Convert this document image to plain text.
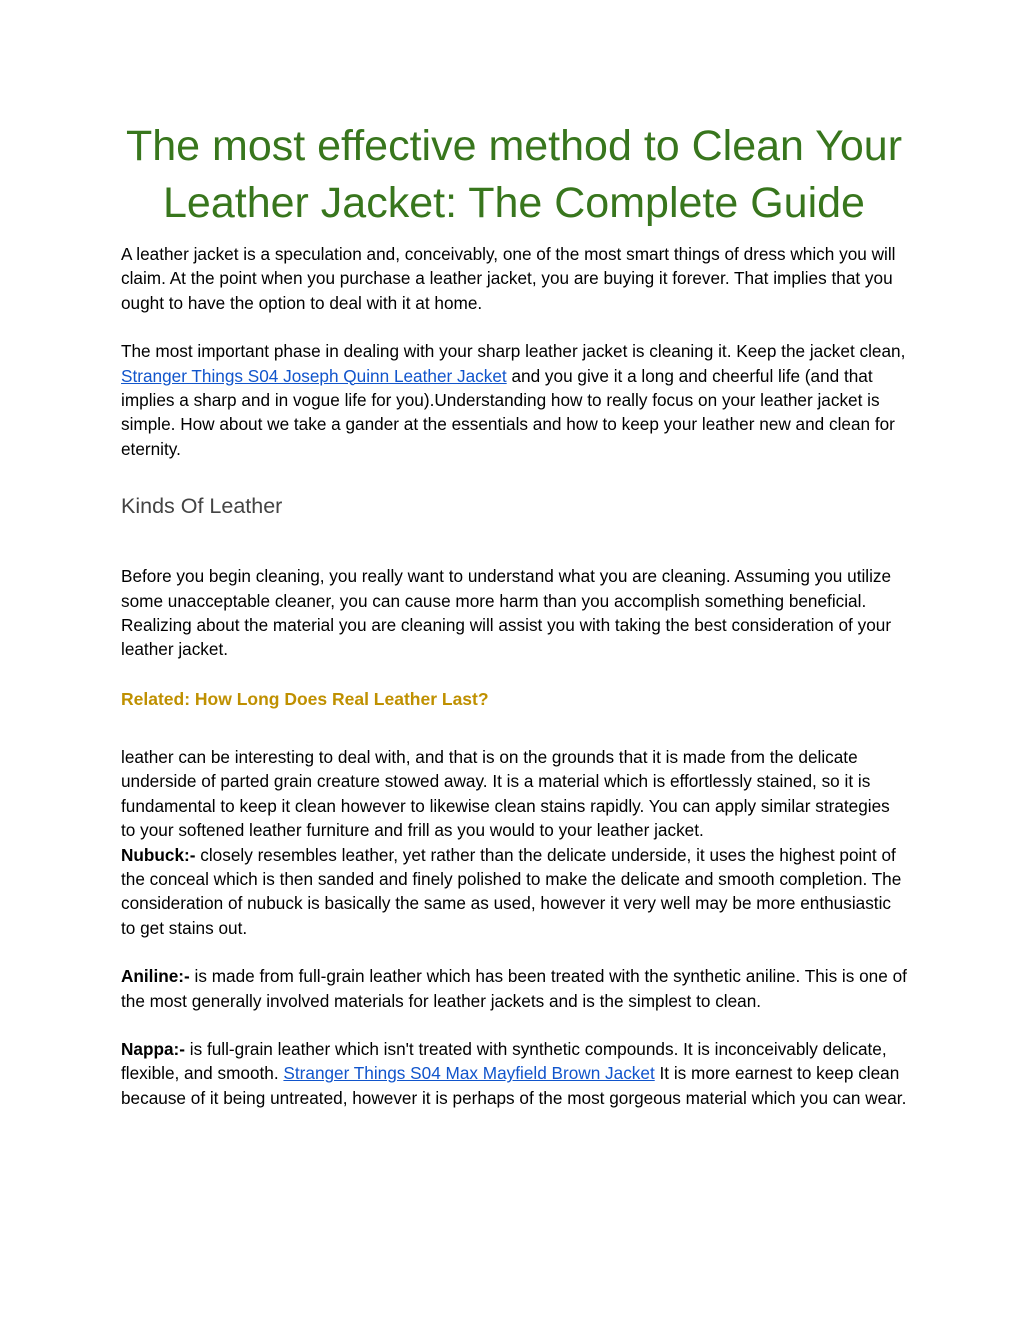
The most effective method to Clean Your Leather Jacket: The Complete Guide

A leather jacket is a speculation and, conceivably, one of the most smart things of dress which you will claim. At the point when you purchase a leather jacket, you are buying it forever. That implies that you ought to have the option to deal with it at home.

The most important phase in dealing with your sharp leather jacket is cleaning it. Keep the jacket clean, Stranger Things S04 Joseph Quinn Leather Jacket and you give it a long and cheerful life (and that implies a sharp and in vogue life for you).Understanding how to really focus on your leather jacket is simple. How about we take a gander at the essentials and how to keep your leather new and clean for eternity.

Kinds Of Leather

Before you begin cleaning, you really want to understand what you are cleaning. Assuming you utilize some unacceptable cleaner, you can cause more harm than you accomplish something beneficial. Realizing about the material you are cleaning will assist you with taking the best consideration of your leather jacket.

Related: How Long Does Real Leather Last?

leather can be interesting to deal with, and that is on the grounds that it is made from the delicate underside of parted grain creature stowed away. It is a material which is effortlessly stained, so it is fundamental to keep it clean however to likewise clean stains rapidly. You can apply similar strategies to your softened leather furniture and frill as you would to your leather jacket.

Nubuck:- closely resembles leather, yet rather than the delicate underside, it uses the highest point of the conceal which is then sanded and finely polished to make the delicate and smooth completion. The consideration of nubuck is basically the same as used, however it very well may be more enthusiastic to get stains out.

Aniline:- is made from full-grain leather which has been treated with the synthetic aniline. This is one of the most generally involved materials for leather jackets and is the simplest to clean.

Nappa:- is full-grain leather which isn't treated with synthetic compounds. It is inconceivably delicate, flexible, and smooth. Stranger Things S04 Max Mayfield Brown Jacket It is more earnest to keep clean because of it being untreated, however it is perhaps of the most gorgeous material which you can wear.
